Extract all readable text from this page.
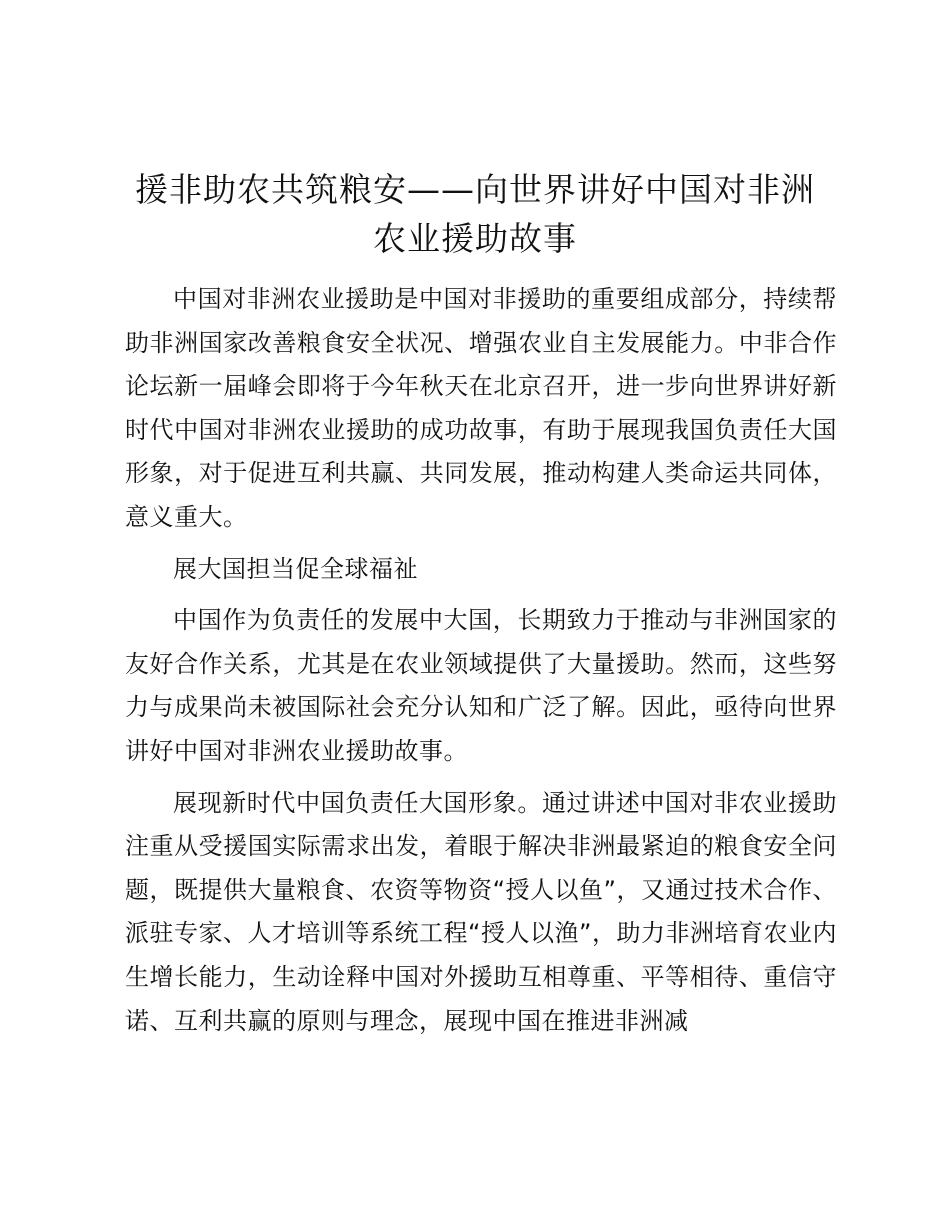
援非助农共筑粮安——向世界讲好中国对非洲
农业援助故事

中国对非洲农业援助是中国对非援助的重要组成部分，持续帮助非洲国家改善粮食安全状况、增强农业自主发展能力。中非合作论坛新一届峰会即将于今年秋天在北京召开，进一步向世界讲好新时代中国对非洲农业援助的成功故事，有助于展现我国负责任大国形象，对于促进互利共赢、共同发展，推动构建人类命运共同体，意义重大。

展大国担当促全球福祉

中国作为负责任的发展中大国，长期致力于推动与非洲国家的友好合作关系，尤其是在农业领域提供了大量援助。然而，这些努力与成果尚未被国际社会充分认知和广泛了解。因此，亟待向世界讲好中国对非洲农业援助故事。

展现新时代中国负责任大国形象。通过讲述中国对非农业援助注重从受援国实际需求出发，着眼于解决非洲最紧迫的粮食安全问题，既提供大量粮食、农资等物资“授人以鱼”，又通过技术合作、派驻专家、人才培训等系统工程“授人以渔”，助力非洲培育农业内生增长能力，生动诠释中国对外援助互相尊重、平等相待、重信守诺、互利共赢的原则与理念，展现中国在推进非洲减
